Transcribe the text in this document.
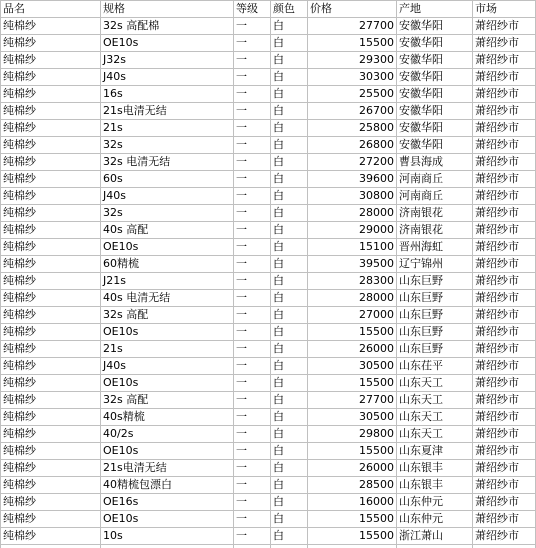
品名	规格	等级	颜色	价格	产地	市场
纯棉纱	32s 高配棉	一	白	27700	安徽华阳	萧绍纱市
纯棉纱	OE10s	一	白	15500	安徽华阳	萧绍纱市
纯棉纱	J32s	一	白	29300	安徽华阳	萧绍纱市
纯棉纱	J40s	一	白	30300	安徽华阳	萧绍纱市
纯棉纱	16s	一	白	25500	安徽华阳	萧绍纱市
纯棉纱	21s电清无结	一	白	26700	安徽华阳	萧绍纱市
纯棉纱	21s	一	白	25800	安徽华阳	萧绍纱市
纯棉纱	32s	一	白	26800	安徽华阳	萧绍纱市
纯棉纱	32s 电清无结	一	白	27200	曹县海成	萧绍纱市
纯棉纱	60s	一	白	39600	河南商丘	萧绍纱市
纯棉纱	J40s	一	白	30800	河南商丘	萧绍纱市
纯棉纱	32s	一	白	28000	济南银花	萧绍纱市
纯棉纱	40s 高配	一	白	29000	济南银花	萧绍纱市
纯棉纱	OE10s	一	白	15100	晋州海虹	萧绍纱市
纯棉纱	60精梳	一	白	39500	辽宁锦州	萧绍纱市
纯棉纱	J21s	一	白	28300	山东巨野	萧绍纱市
纯棉纱	40s 电清无结	一	白	28000	山东巨野	萧绍纱市
纯棉纱	32s 高配	一	白	27000	山东巨野	萧绍纱市
纯棉纱	OE10s	一	白	15500	山东巨野	萧绍纱市
纯棉纱	21s	一	白	26000	山东巨野	萧绍纱市
纯棉纱	J40s	一	白	30500	山东茌平	萧绍纱市
纯棉纱	OE10s	一	白	15500	山东天工	萧绍纱市
纯棉纱	32s 高配	一	白	27700	山东天工	萧绍纱市
纯棉纱	40s精梳	一	白	30500	山东天工	萧绍纱市
纯棉纱	40/2s	一	白	29800	山东天工	萧绍纱市
纯棉纱	OE10s	一	白	15500	山东夏津	萧绍纱市
纯棉纱	21s电清无结	一	白	26000	山东银丰	萧绍纱市
纯棉纱	40精梳包漂白	一	白	28500	山东银丰	萧绍纱市
纯棉纱	OE16s	一	白	16000	山东仲元	萧绍纱市
纯棉纱	OE10s	一	白	15500	山东仲元	萧绍纱市
纯棉纱	10s	一	白	15500	浙江萧山	萧绍纱市
